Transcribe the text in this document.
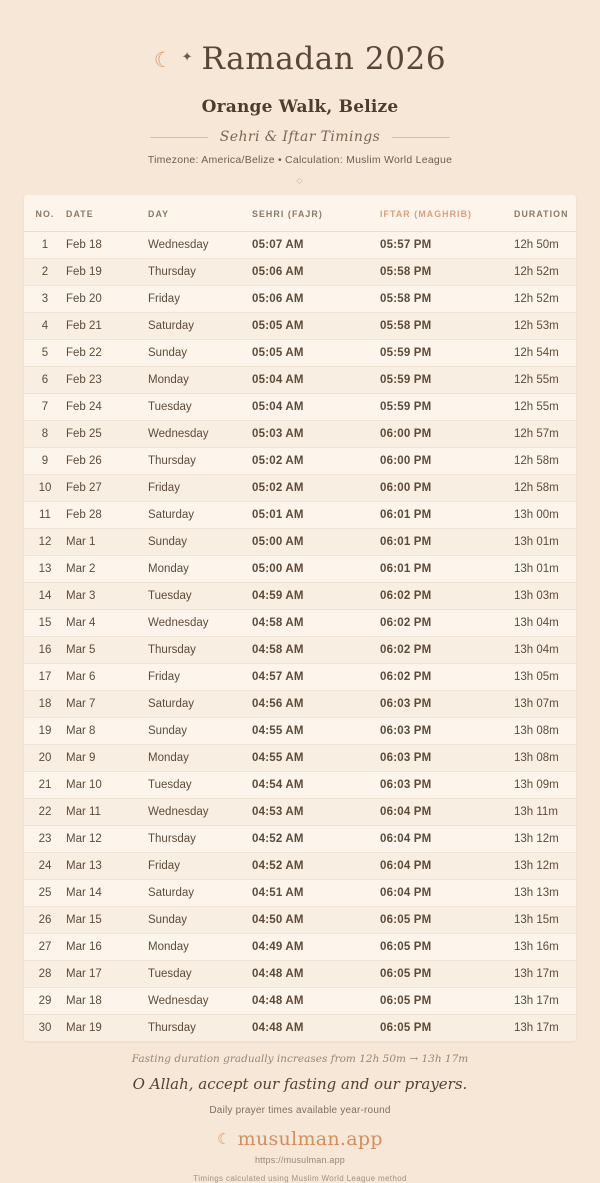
☾ ✦ Ramadan 2026
Orange Walk, Belize
Sehri & Iftar Timings
Timezone: America/Belize • Calculation: Muslim World League
◇
NO.	DATE	DAY	SEHRI (FAJR)	IFTAR (MAGHRIB)	DURATION
1	Feb 18	Wednesday	05:07 AM	05:57 PM	12h 50m
2	Feb 19	Thursday	05:06 AM	05:58 PM	12h 52m
3	Feb 20	Friday	05:06 AM	05:58 PM	12h 52m
4	Feb 21	Saturday	05:05 AM	05:58 PM	12h 53m
5	Feb 22	Sunday	05:05 AM	05:59 PM	12h 54m
6	Feb 23	Monday	05:04 AM	05:59 PM	12h 55m
7	Feb 24	Tuesday	05:04 AM	05:59 PM	12h 55m
8	Feb 25	Wednesday	05:03 AM	06:00 PM	12h 57m
9	Feb 26	Thursday	05:02 AM	06:00 PM	12h 58m
10	Feb 27	Friday	05:02 AM	06:00 PM	12h 58m
11	Feb 28	Saturday	05:01 AM	06:01 PM	13h 00m
12	Mar 1	Sunday	05:00 AM	06:01 PM	13h 01m
13	Mar 2	Monday	05:00 AM	06:01 PM	13h 01m
14	Mar 3	Tuesday	04:59 AM	06:02 PM	13h 03m
15	Mar 4	Wednesday	04:58 AM	06:02 PM	13h 04m
16	Mar 5	Thursday	04:58 AM	06:02 PM	13h 04m
17	Mar 6	Friday	04:57 AM	06:02 PM	13h 05m
18	Mar 7	Saturday	04:56 AM	06:03 PM	13h 07m
19	Mar 8	Sunday	04:55 AM	06:03 PM	13h 08m
20	Mar 9	Monday	04:55 AM	06:03 PM	13h 08m
21	Mar 10	Tuesday	04:54 AM	06:03 PM	13h 09m
22	Mar 11	Wednesday	04:53 AM	06:04 PM	13h 11m
23	Mar 12	Thursday	04:52 AM	06:04 PM	13h 12m
24	Mar 13	Friday	04:52 AM	06:04 PM	13h 12m
25	Mar 14	Saturday	04:51 AM	06:04 PM	13h 13m
26	Mar 15	Sunday	04:50 AM	06:05 PM	13h 15m
27	Mar 16	Monday	04:49 AM	06:05 PM	13h 16m
28	Mar 17	Tuesday	04:48 AM	06:05 PM	13h 17m
29	Mar 18	Wednesday	04:48 AM	06:05 PM	13h 17m
30	Mar 19	Thursday	04:48 AM	06:05 PM	13h 17m
Fasting duration gradually increases from 12h 50m → 13h 17m
O Allah, accept our fasting and our prayers.
Daily prayer times available year-round
☾ musulman.app
https://musulman.app
Timings calculated using Muslim World League method
